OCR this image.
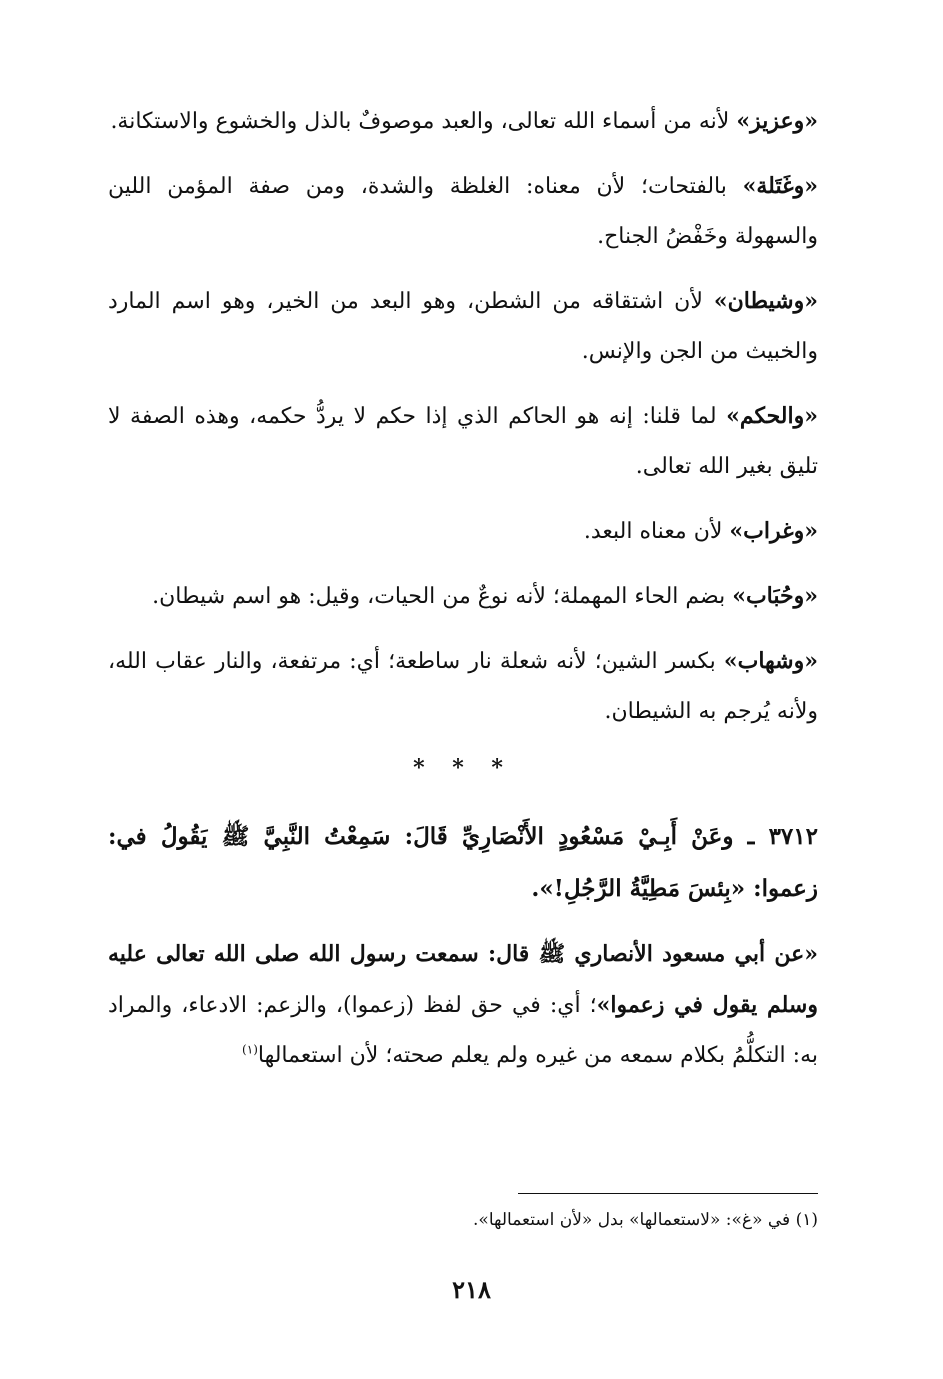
«وعزيز» لأنه من أسماء الله تعالى، والعبد موصوفٌ بالذل والخشوع والاستكانة.

«وغَتَلة» بالفتحات؛ لأن معناه: الغلظة والشدة، ومن صفة المؤمن اللين والسهولة وخَفْضُ الجناح.

«وشيطان» لأن اشتقاقه من الشطن، وهو البعد من الخير، وهو اسم المارد والخبيث من الجن والإنس.

«والحكم» لما قلنا: إنه هو الحاكم الذي إذا حكم لا يردُّ حكمه، وهذه الصفة لا تليق بغير الله تعالى.

«وغراب» لأن معناه البعد.

«وحُبَاب» بضم الحاء المهملة؛ لأنه نوعٌ من الحيات، وقيل: هو اسم شيطان.

«وشهاب» بكسر الشين؛ لأنه شعلة نار ساطعة؛ أي: مرتفعة، والنار عقاب الله، ولأنه يُرجم به الشيطان.

* * *

٣٧١٢ ـ وعَنْ أَبِـيْ مَسْعُودٍ الأَنْصَارِيِّ قَالَ: سَمِعْتُ النَّبِيَّ ﷺ يَقُولُ في: زعموا: «بِئسَ مَطِيَّةُ الرَّجُلِ!».

«عن أبي مسعود الأنصاري ﷺ قال: سمعت رسول الله صلى الله تعالى عليه وسلم يقول في زعموا»؛ أي: في حق لفظ (زعموا)، والزعم: الادعاء، والمراد به: التكلُّمُ بكلام سمعه من غيره ولم يعلم صحته؛ لأن استعمالها$^{(١)}$

(١) في «غ»: «لاستعمالها» بدل «لأن استعمالها».
٢١٨
